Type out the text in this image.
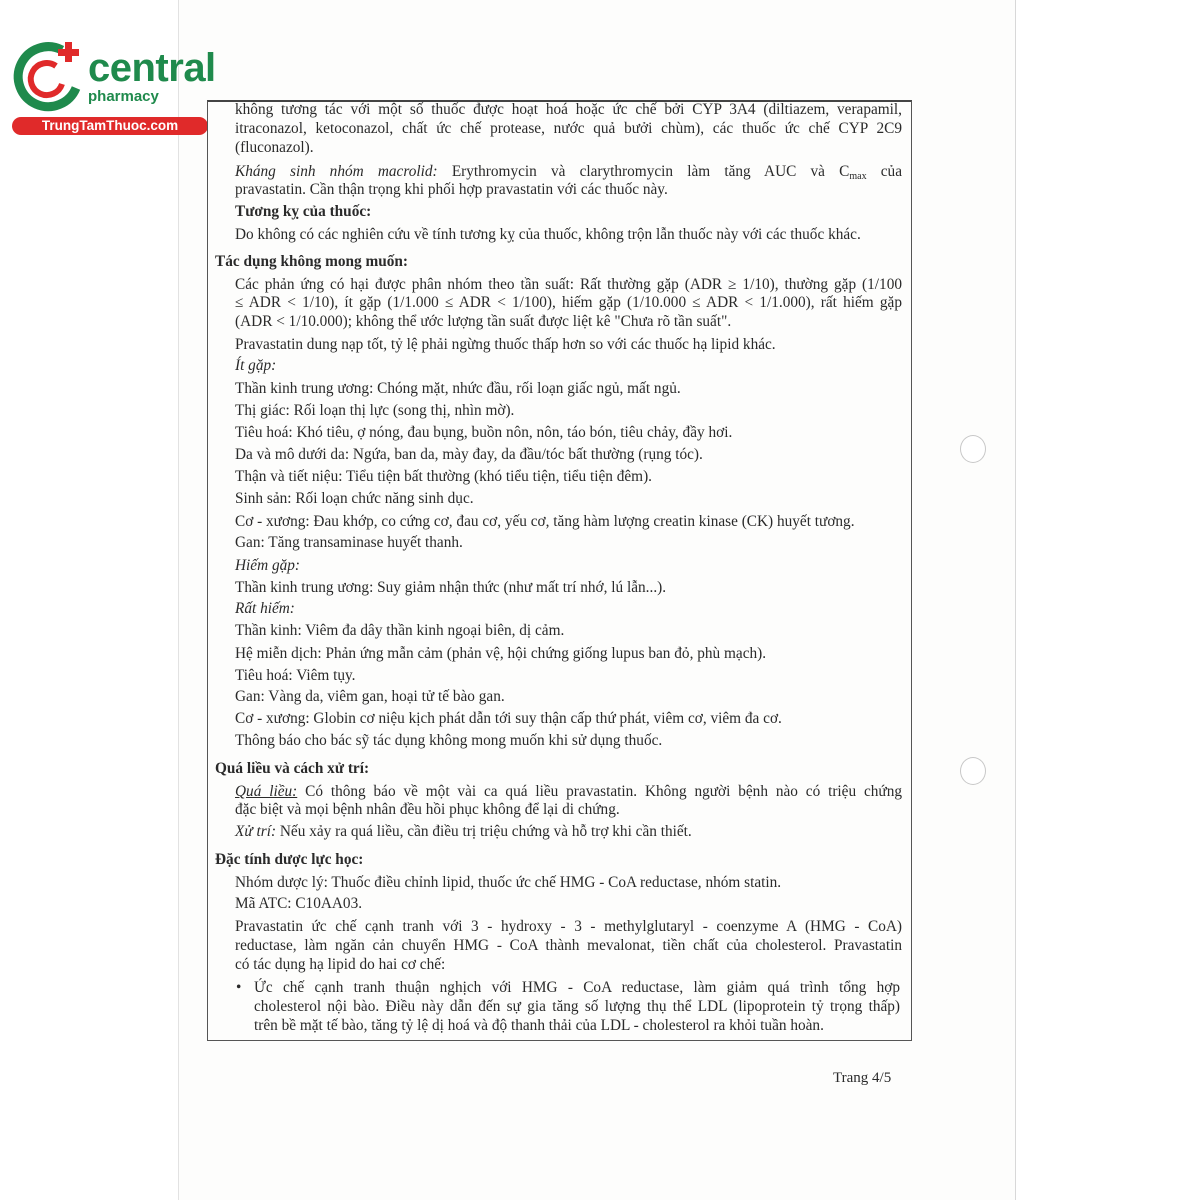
central
pharmacy
TrungTamThuoc.com
không tương tác với một số thuốc được hoạt hoá hoặc ức chế bởi CYP 3A4 (diltiazem, verapamil,
itraconazol, ketoconazol, chất ức chế protease, nước quả bưởi chùm), các thuốc ức chế CYP 2C9
(fluconazol).
Kháng sinh nhóm macrolid: Erythromycin và clarythromycin làm tăng AUC và $C_{max}$ của
pravastatin. Cần thận trọng khi phối hợp pravastatin với các thuốc này.
Tương kỵ của thuốc:
Do không có các nghiên cứu về tính tương kỵ của thuốc, không trộn lẫn thuốc này với các thuốc khác.
Tác dụng không mong muốn:
Các phản ứng có hại được phân nhóm theo tần suất: Rất thường gặp (ADR ≥ 1/10), thường gặp (1/100
≤ ADR < 1/10), ít gặp (1/1.000 ≤ ADR < 1/100), hiếm gặp (1/10.000 ≤ ADR < 1/1.000), rất hiếm gặp
(ADR < 1/10.000); không thể ước lượng tần suất được liệt kê "Chưa rõ tần suất".
Pravastatin dung nạp tốt, tỷ lệ phải ngừng thuốc thấp hơn so với các thuốc hạ lipid khác.
Ít gặp:
Thần kinh trung ương: Chóng mặt, nhức đầu, rối loạn giấc ngủ, mất ngủ.
Thị giác: Rối loạn thị lực (song thị, nhìn mờ).
Tiêu hoá: Khó tiêu, ợ nóng, đau bụng, buồn nôn, nôn, táo bón, tiêu chảy, đầy hơi.
Da và mô dưới da: Ngứa, ban da, mày đay, da đầu/tóc bất thường (rụng tóc).
Thận và tiết niệu: Tiểu tiện bất thường (khó tiểu tiện, tiểu tiện đêm).
Sinh sản: Rối loạn chức năng sinh dục.
Cơ - xương: Đau khớp, co cứng cơ, đau cơ, yếu cơ, tăng hàm lượng creatin kinase (CK) huyết tương.
Gan: Tăng transaminase huyết thanh.
Hiếm gặp:
Thần kinh trung ương: Suy giảm nhận thức (như mất trí nhớ, lú lẫn...).
Rất hiếm:
Thần kinh: Viêm đa dây thần kinh ngoại biên, dị cảm.
Hệ miễn dịch: Phản ứng mẫn cảm (phản vệ, hội chứng giống lupus ban đỏ, phù mạch).
Tiêu hoá: Viêm tụy.
Gan: Vàng da, viêm gan, hoại tử tế bào gan.
Cơ - xương: Globin cơ niệu kịch phát dẫn tới suy thận cấp thứ phát, viêm cơ, viêm đa cơ.
Thông báo cho bác sỹ tác dụng không mong muốn khi sử dụng thuốc.
Quá liều và cách xử trí:
Quá liều: Có thông báo về một vài ca quá liều pravastatin. Không người bệnh nào có triệu chứng
đặc biệt và mọi bệnh nhân đều hồi phục không để lại di chứng.
Xử trí: Nếu xảy ra quá liều, cần điều trị triệu chứng và hỗ trợ khi cần thiết.
Đặc tính dược lực học:
Nhóm dược lý: Thuốc điều chỉnh lipid, thuốc ức chế HMG - CoA reductase, nhóm statin.
Mã ATC: C10AA03.
Pravastatin ức chế cạnh tranh với 3 - hydroxy - 3 - methylglutaryl - coenzyme A (HMG - CoA)
reductase, làm ngăn cản chuyển HMG - CoA thành mevalonat, tiền chất của cholesterol. Pravastatin
có tác dụng hạ lipid do hai cơ chế:
• Ức chế cạnh tranh thuận nghịch với HMG - CoA reductase, làm giảm quá trình tổng hợp
cholesterol nội bào. Điều này dẫn đến sự gia tăng số lượng thụ thể LDL (lipoprotein tỷ trọng thấp)
trên bề mặt tế bào, tăng tỷ lệ dị hoá và độ thanh thải của LDL - cholesterol ra khỏi tuần hoàn.
Trang 4/5
